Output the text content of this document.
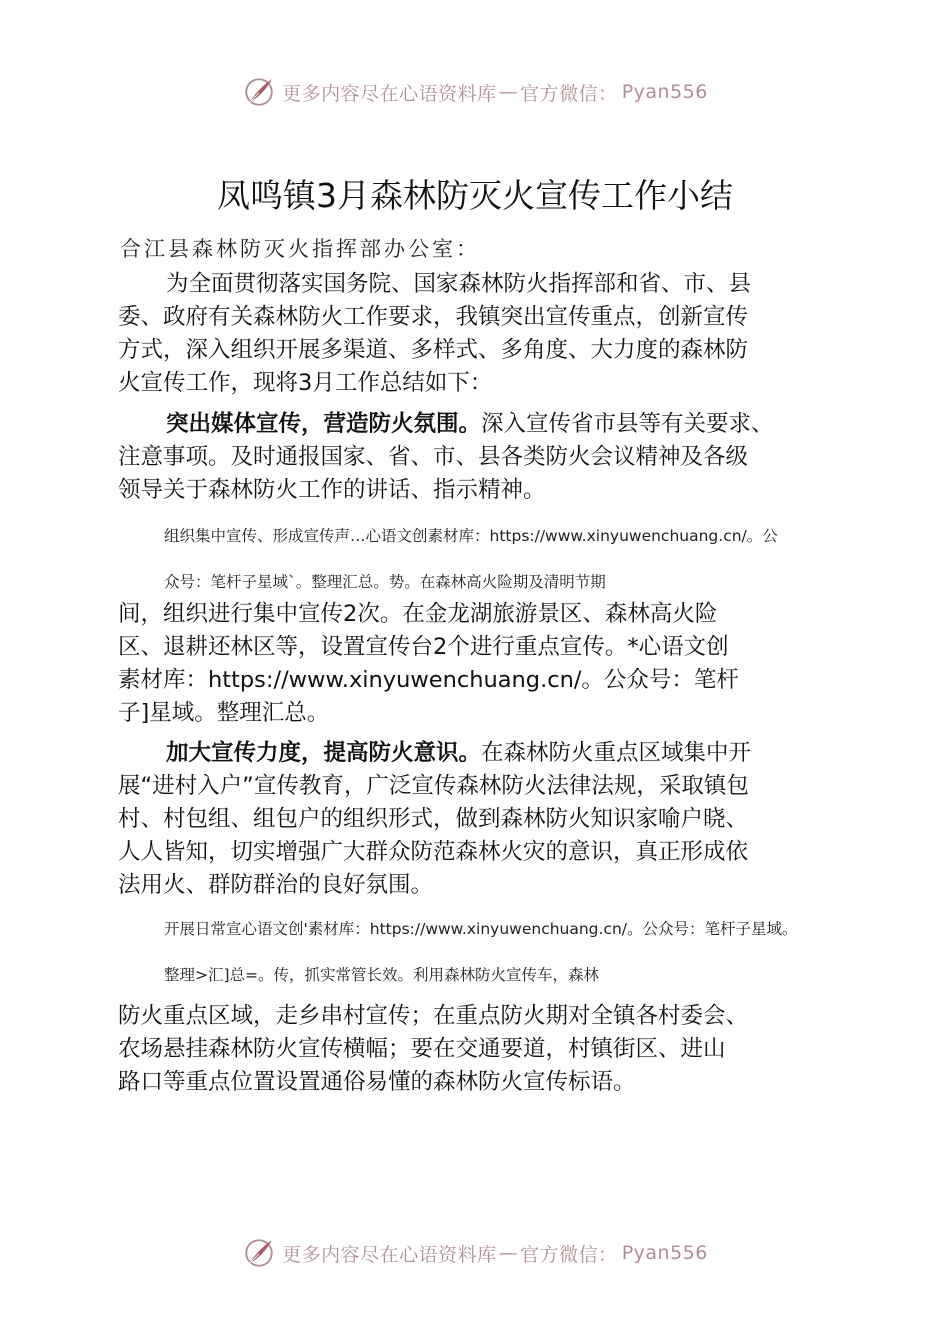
更多内容尽在心语资料库 — 官方微信： Pyan556
凤鸣镇3月森林防灭火宣传工作小结
合江县森林防灭火指挥部办公室：
为全面贯彻落实国务院、国家森林防火指挥部和省、市、县
委、政府有关森林防火工作要求，我镇突出宣传重点，创新宣传
方式，深入组织开展多渠道、多样式、多角度、大力度的森林防
火宣传工作，现将3月工作总结如下：
突出媒体宣传，营造防火氛围。深入宣传省市县等有关要求、
注意事项。及时通报国家、省、市、县各类防火会议精神及各级
领导关于森林防火工作的讲话、指示精神。
组织集中宣传、形成宣传声…心语文创素材库：https://www.xinyuwenchuang.cn/。公
众号：笔杆子星域`。整理汇总。势。在森林高火险期及清明节期
间，组织进行集中宣传2次。在金龙湖旅游景区、森林高火险
区、退耕还林区等，设置宣传台2个进行重点宣传。*心语文创
素材库：https://www.xinyuwenchuang.cn/。公众号：笔杆
子]星域。整理汇总。
加大宣传力度，提高防火意识。在森林防火重点区域集中开
展“进村入户”宣传教育，广泛宣传森林防火法律法规，采取镇包
村、村包组、组包户的组织形式，做到森林防火知识家喻户晓、
人人皆知，切实增强广大群众防范森林火灾的意识，真正形成依
法用火、群防群治的良好氛围。
开展日常宣心语文创'素材库：https://www.xinyuwenchuang.cn/。公众号：笔杆子星域。
整理>汇]总=。传，抓实常管长效。利用森林防火宣传车，森林
防火重点区域，走乡串村宣传；在重点防火期对全镇各村委会、
农场悬挂森林防火宣传横幅；要在交通要道，村镇街区、进山
路口等重点位置设置通俗易懂的森林防火宣传标语。
更多内容尽在心语资料库 — 官方微信： Pyan556
